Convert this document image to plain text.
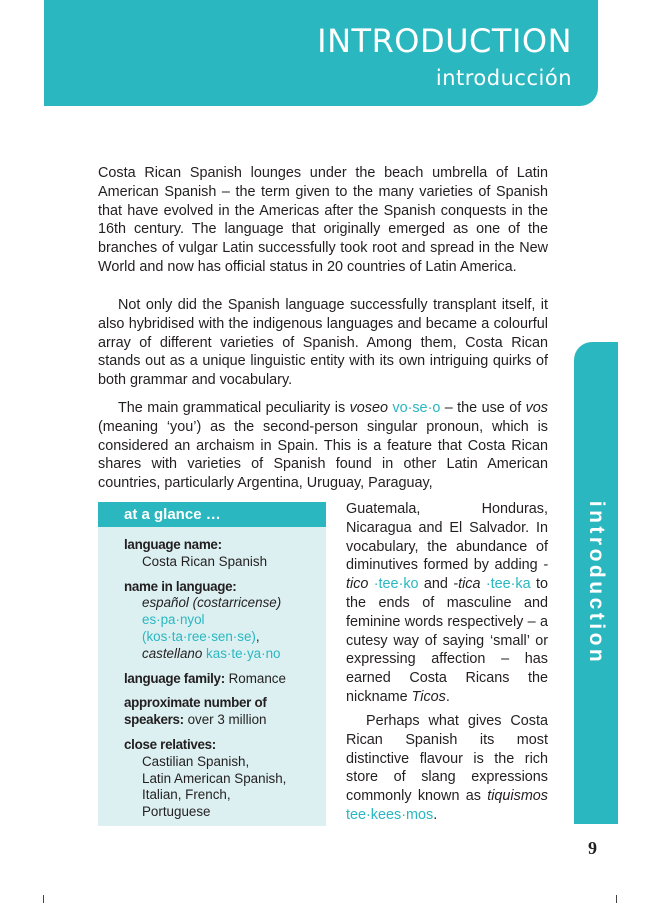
INTRODUCTION
introducción

Costa Rican Spanish lounges under the beach umbrella of Latin American Spanish – the term given to the many varieties of Spanish that have evolved in the Americas after the Spanish conquests in the 16th century. The language that originally emerged as one of the branches of vulgar Latin successfully took root and spread in the New World and now has official status in 20 countries of Latin America.

Not only did the Spanish language successfully transplant itself, it also hybridised with the indigenous languages and became a colourful array of different varieties of Spanish. Among them, Costa Rican stands out as a unique linguistic entity with its own intriguing quirks of both grammar and vocabulary.

The main grammatical peculiarity is voseo vo·se·o – the use of vos (meaning ‘you’) as the second-person singular pronoun, which is considered an archaism in Spain. This is a feature that Costa Rican shares with varieties of Spanish found in other Latin American countries, particularly Argentina, Uruguay, Paraguay,

at a glance …
language name:
Costa Rican Spanish
name in language:
español (costarricense)
es·pa·nyol
(kos·ta·ree·sen·se),
castellano kas·te·ya·no
language family: Romance
approximate number of
speakers: over 3 million
close relatives:
Castilian Spanish,
Latin American Spanish,
Italian, French,
Portuguese

Guatemala, Honduras, Nicaragua and El Salvador. In vocabulary, the abundance of diminutives formed by adding -tico ·tee·ko and -tica ·tee·ka to the ends of masculine and feminine words respectively – a cutesy way of saying ‘small’ or expressing affection – has earned Costa Ricans the nickname Ticos.

Perhaps what gives Costa Rican Spanish its most distinctive flavour is the rich store of slang expressions commonly known as tiquismos tee·kees·mos.

introduction
9
